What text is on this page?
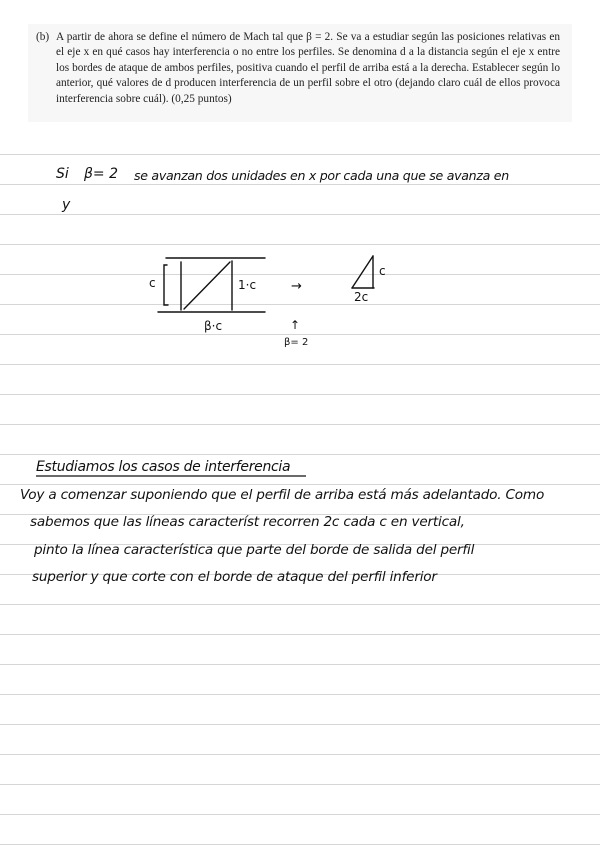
(b) A partir de ahora se define el número de Mach tal que β = 2. Se va a estudiar según las posiciones relativas en el eje x en qué casos hay interferencia o no entre los perfiles. Se denomina d a la distancia según el eje x entre los bordes de ataque de ambos perfiles, positiva cuando el perfil de arriba está a la derecha. Establecer según lo anterior, qué valores de d producen interferencia de un perfil sobre el otro (dejando claro cuál de ellos provoca interferencia sobre cuál). (0,25 puntos)

Si β= 2 se avanzan dos unidades en x por cada una que se avanza en
y
c	1·c
β·c
c
2c
→
↑
β= 2
Estudiamos los casos de interferencia
Voy a comenzar suponiendo que el perfil de arriba está más adelantado. Como
sabemos que las líneas característ recorren 2c cada c en vertical,
pinto la línea característica que parte del borde de salida del perfil
superior y que corte con el borde de ataque del perfil inferior
